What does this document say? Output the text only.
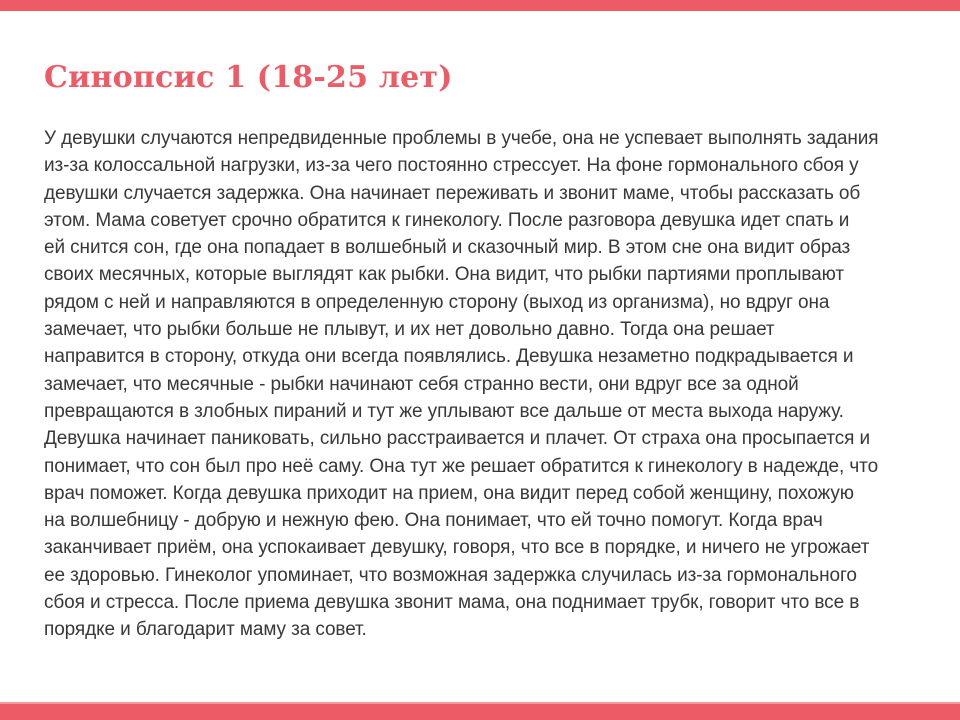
Синопсис 1 (18-25 лет)
У девушки случаются непредвиденные проблемы в учебе, она не успевает выполнять задания
из-за колоссальной нагрузки, из-за чего постоянно стрессует. На фоне гормонального сбоя у
девушки случается задержка. Она начинает переживать и звонит маме, чтобы рассказать об
этом. Мама советует срочно обратится к гинекологу. После разговора девушка идет спать и
ей снится сон, где она попадает в волшебный и сказочный мир. В этом сне она видит образ
своих месячных, которые выглядят как рыбки. Она видит, что рыбки партиями проплывают
рядом с ней и направляются в определенную сторону (выход из организма), но вдруг она
замечает, что рыбки больше не плывут, и их нет довольно давно. Тогда она решает
направится в сторону, откуда они всегда появлялись. Девушка незаметно подкрадывается и
замечает, что месячные - рыбки начинают себя странно вести, они вдруг все за одной
превращаются в злобных пираний и тут же уплывают все дальше от места выхода наружу.
Девушка начинает паниковать, сильно расстраивается и плачет. От страха она просыпается и
понимает, что сон был про неё саму. Она тут же решает обратится к гинекологу в надежде, что
врач поможет. Когда девушка приходит на прием, она видит перед собой женщину, похожую
на волшебницу - добрую и нежную фею. Она понимает, что ей точно помогут. Когда врач
заканчивает приём, она успокаивает девушку, говоря, что все в порядке, и ничего не угрожает
ее здоровью. Гинеколог упоминает, что возможная задержка случилась из-за гормонального
сбоя и стресса. После приема девушка звонит мама, она поднимает трубк, говорит что все в
порядке и благодарит маму за совет.
